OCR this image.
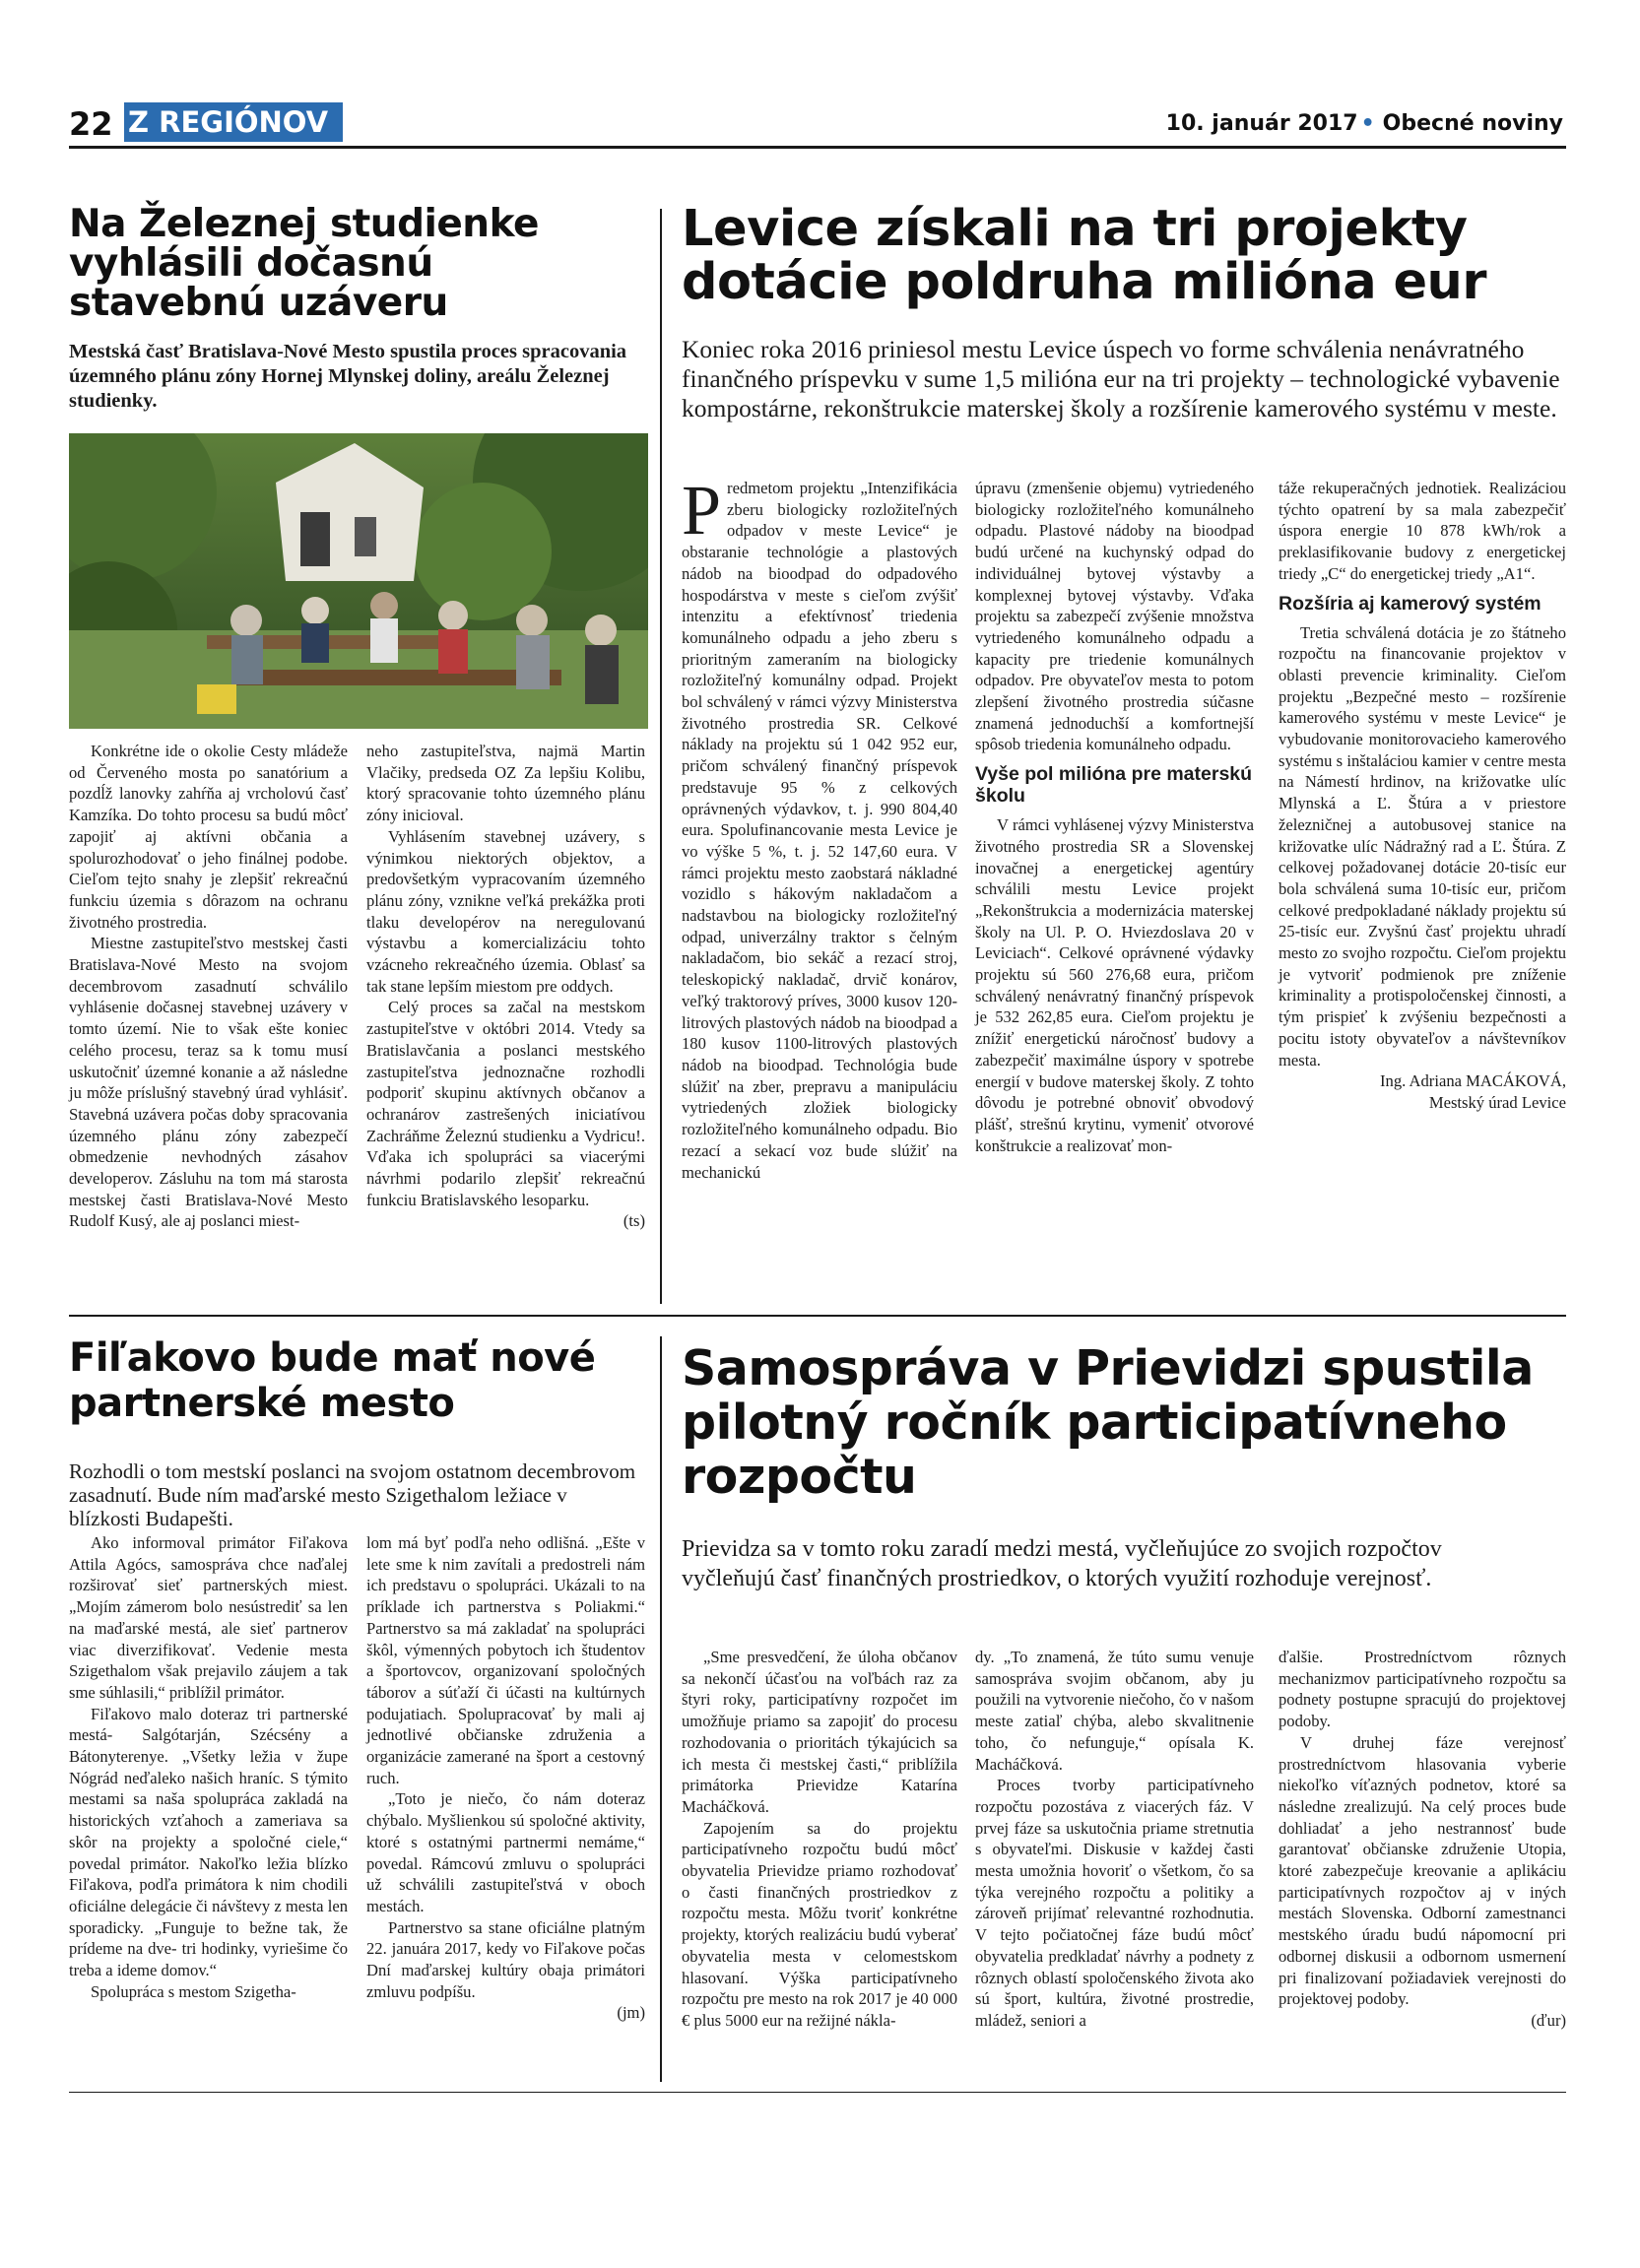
22 Z REGIÓNOV	10. január 2017 • Obecné noviny
Na Železnej studienke vyhlásili dočasnú stavebnú uzáveru

Mestská časť Bratislava-Nové Mesto spustila proces spracovania územného plánu zóny Hornej Mlynskej doliny, areálu Železnej studienky.

Konkrétne ide o okolie Cesty mládeže od Červeného mosta po sanatórium a pozdĺž lanovky zahŕňa aj vrcholovú časť Kamzíka. Do tohto procesu sa budú môcť zapojiť aj aktívni občania a spolurozhodovať o jeho finálnej podobe. Cieľom tejto snahy je zlepšiť rekreačnú funkciu územia s dôrazom na ochranu životného prostredia.

Miestne zastupiteľstvo mestskej časti Bratislava-Nové Mesto na svojom decembrovom zasadnutí schválilo vyhlásenie dočasnej stavebnej uzávery v tomto území. Nie to však ešte koniec celého procesu, teraz sa k tomu musí uskutočniť územné konanie a až následne ju môže príslušný stavebný úrad vyhlásiť. Stavebná uzávera počas doby spracovania územného plánu zóny zabezpečí obmedzenie nevhodných zásahov developerov. Zásluhu na tom má starosta mestskej časti Bratislava-Nové Mesto Rudolf Kusý, ale aj poslanci miest-

neho zastupiteľstva, najmä Martin Vlačiky, predseda OZ Za lepšiu Kolibu, ktorý spracovanie tohto územného plánu zóny inicioval.

Vyhlásením stavebnej uzávery, s výnimkou niektorých objektov, a predovšetkým vypracovaním územného plánu zóny, vznikne veľká prekážka proti tlaku developérov na neregulovanú výstavbu a komercializáciu tohto vzácneho rekreačného územia. Oblasť sa tak stane lepším miestom pre oddych.

Celý proces sa začal na mestskom zastupiteľstve v októbri 2014. Vtedy sa Bratislavčania a poslanci mestského zastupiteľstva jednoznačne rozhodli podporiť skupinu aktívnych občanov a ochranárov zastrešených iniciatívou Zachráňme Železnú studienku a Vydricu!. Vďaka ich spolupráci sa viacerými návrhmi podarilo zlepšiť rekreačnú funkciu Bratislavského lesoparku.

(ts)

Levice získali na tri projekty dotácie poldruha milióna eur

Koniec roka 2016 priniesol mestu Levice úspech vo forme schválenia nenávratného finančného príspevku v sume 1,5 milióna eur na tri projekty – technologické vybavenie kompostárne, rekonštrukcie materskej školy a rozšírenie kamerového systému v meste.

Predmetom projektu „Intenzifikácia zberu biologicky rozložiteľných odpadov v meste Levice“ je obstaranie technológie a plastových nádob na bioodpad do odpadového hospodárstva v meste s cieľom zvýšiť intenzitu a efektívnosť triedenia komunálneho odpadu a jeho zberu s prioritným zameraním na biologicky rozložiteľný komunálny odpad. Projekt bol schválený v rámci výzvy Ministerstva životného prostredia SR. Celkové náklady na projektu sú 1 042 952 eur, pričom schválený finančný príspevok predstavuje 95 % z celkových oprávnených výdavkov, t. j. 990 804,40 eura. Spolufinancovanie mesta Levice je vo výške 5 %, t. j. 52 147,60 eura. V rámci projektu mesto zaobstará nákladné vozidlo s hákovým nakladačom a nadstavbou na biologicky rozložiteľný odpad, univerzálny traktor s čelným nakladačom, bio sekáč a rezací stroj, teleskopický nakladač, drvič konárov, veľký traktorový príves, 3000 kusov 120-litrových plastových nádob na bioodpad a 180 kusov 1100-litrových plastových nádob na bioodpad. Technológia bude slúžiť na zber, prepravu a manipuláciu vytriedených zložiek biologicky rozložiteľného komunálneho odpadu. Bio rezací a sekací voz bude slúžiť na mechanickú

úpravu (zmenšenie objemu) vytriedeného biologicky rozložiteľného komunálneho odpadu. Plastové nádoby na bioodpad budú určené na kuchynský odpad do individuálnej bytovej výstavby a komplexnej bytovej výstavby. Vďaka projektu sa zabezpečí zvýšenie množstva vytriedeného komunálneho odpadu a kapacity pre triedenie komunálnych odpadov. Pre obyvateľov mesta to potom zlepšení životného prostredia súčasne znamená jednoduchší a komfortnejší spôsob triedenia komunálneho odpadu.

Vyše pol milióna pre materskú školu

V rámci vyhlásenej výzvy Ministerstva životného prostredia SR a Slovenskej inovačnej a energetickej agentúry schválili mestu Levice projekt „Rekonštrukcia a modernizácia materskej školy na Ul. P. O. Hviezdoslava 20 v Leviciach“. Celkové oprávnené výdavky projektu sú 560 276,68 eura, pričom schválený nenávratný finančný príspevok je 532 262,85 eura. Cieľom projektu je znížiť energetickú náročnosť budovy a zabezpečiť maximálne úspory v spotrebe energií v budove materskej školy. Z tohto dôvodu je potrebné obnoviť obvodový plášť, strešnú krytinu, vymeniť otvorové konštrukcie a realizovať mon-

táže rekuperačných jednotiek. Realizáciou týchto opatrení by sa mala zabezpečiť úspora energie 10 878 kWh/rok a preklasifikovanie budovy z energetickej triedy „C“ do energetickej triedy „A1“.

Rozšíria aj kamerový systém

Tretia schválená dotácia je zo štátneho rozpočtu na financovanie projektov v oblasti prevencie kriminality. Cieľom projektu „Bezpečné mesto – rozšírenie kamerového systému v meste Levice“ je vybudovanie monitorovacieho kamerového systému s inštaláciou kamier v centre mesta na Námestí hrdinov, na križovatke ulíc Mlynská a Ľ. Štúra a v priestore železničnej a autobusovej stanice na križovatke ulíc Nádražný rad a Ľ. Štúra. Z celkovej požadovanej dotácie 20-tisíc eur bola schválená suma 10-tisíc eur, pričom celkové predpokladané náklady projektu sú 25-tisíc eur. Zvyšnú časť projektu uhradí mesto zo svojho rozpočtu. Cieľom projektu je vytvoriť podmienok pre zníženie kriminality a protispoločenskej činnosti, a tým prispieť k zvýšeniu bezpečnosti a pocitu istoty obyvateľov a návštevníkov mesta.

Ing. Adriana MACÁKOVÁ,

Mestský úrad Levice

Fiľakovo bude mať nové partnerské mesto

Rozhodli o tom mestskí poslanci na svojom ostatnom decembrovom zasadnutí. Bude ním maďarské mesto Szigethalom ležiace v blízkosti Budapešti.

Ako informoval primátor Fiľakova Attila Agócs, samospráva chce naďalej rozširovať sieť partnerských miest. „Mojím zámerom bolo nesústrediť sa len na maďarské mestá, ale sieť partnerov viac diverzifikovať. Vedenie mesta Szigethalom však prejavilo záujem a tak sme súhlasili,“ priblížil primátor.

Fiľakovo malo doteraz tri partnerské mestá- Salgótarján, Szécsény a Bátonyterenye. „Všetky ležia v župe Nógrád neďaleko našich hraníc. S týmito mestami sa naša spolupráca zakladá na historických vzťahoch a zameriava sa skôr na projekty a spoločné ciele,“ povedal primátor. Nakoľko ležia blízko Fiľakova, podľa primátora k nim chodili oficiálne delegácie či návštevy z mesta len sporadicky. „Funguje to bežne tak, že prídeme na dve- tri hodinky, vyriešime čo treba a ideme domov.“

Spolupráca s mestom Szigetha-

lom má byť podľa neho odlišná. „Ešte v lete sme k nim zavítali a predostreli nám ich predstavu o spolupráci. Ukázali to na príklade ich partnerstva s Poliakmi.“ Partnerstvo sa má zakladať na spolupráci škôl, výmenných pobytoch ich študentov a športovcov, organizovaní spoločných táborov a súťaží či účasti na kultúrnych podujatiach. Spolupracovať by mali aj jednotlivé občianske združenia a organizácie zamerané na šport a cestovný ruch.

„Toto je niečo, čo nám doteraz chýbalo. Myšlienkou sú spoločné aktivity, ktoré s ostatnými partnermi nemáme,“ povedal. Rámcovú zmluvu o spolupráci už schválili zastupiteľstvá v oboch mestách.

Partnerstvo sa stane oficiálne platným 22. januára 2017, kedy vo Fiľakove počas Dní maďarskej kultúry obaja primátori zmluvu podpíšu.

(jm)

Samospráva v Prievidzi spustila pilotný ročník participatívneho rozpočtu

Prievidza sa v tomto roku zaradí medzi mestá, vyčleňujúce zo svojich rozpočtov vyčleňujú časť finančných prostriedkov, o ktorých využití rozhoduje verejnosť.

„Sme presvedčení, že úloha občanov sa nekončí účasťou na voľbách raz za štyri roky, participatívny rozpočet im umožňuje priamo sa zapojiť do procesu rozhodovania o prioritách týkajúcich sa ich mesta či mestskej časti,“ priblížila primátorka Prievidze Katarína Macháčková.

Zapojením sa do projektu participatívneho rozpočtu budú môcť obyvatelia Prievidze priamo rozhodovať o časti finančných prostriedkov z rozpočtu mesta. Môžu tvoriť konkrétne projekty, ktorých realizáciu budú vyberať obyvatelia mesta v celomestskom hlasovaní. Výška participatívneho rozpočtu pre mesto na rok 2017 je 40 000 € plus 5000 eur na režijné nákla-

dy. „To znamená, že túto sumu venuje samospráva svojim občanom, aby ju použili na vytvorenie niečoho, čo v našom meste zatiaľ chýba, alebo skvalitnenie toho, čo nefunguje,“ opísala K. Macháčková.

Proces tvorby participatívneho rozpočtu pozostáva z viacerých fáz. V prvej fáze sa uskutočnia priame stretnutia s obyvateľmi. Diskusie v každej časti mesta umožnia hovoriť o všetkom, čo sa týka verejného rozpočtu a politiky a zároveň prijímať relevantné rozhodnutia. V tejto počiatočnej fáze budú môcť obyvatelia predkladať návrhy a podnety z rôznych oblastí spoločenského života ako sú šport, kultúra, životné prostredie, mládež, seniori a

ďalšie. Prostredníctvom rôznych mechanizmov participatívneho rozpočtu sa podnety postupne spracujú do projektovej podoby.

V druhej fáze verejnosť prostredníctvom hlasovania vyberie niekoľko víťazných podnetov, ktoré sa následne zrealizujú. Na celý proces bude dohliadať a jeho nestrannosť bude garantovať občianske združenie Utopia, ktoré zabezpečuje kreovanie a aplikáciu participatívnych rozpočtov aj v iných mestách Slovenska. Odborní zamestnanci mestského úradu budú nápomocní pri odbornej diskusii a odbornom usmernení pri finalizovaní požiadaviek verejnosti do projektovej podoby.

(ďur)
